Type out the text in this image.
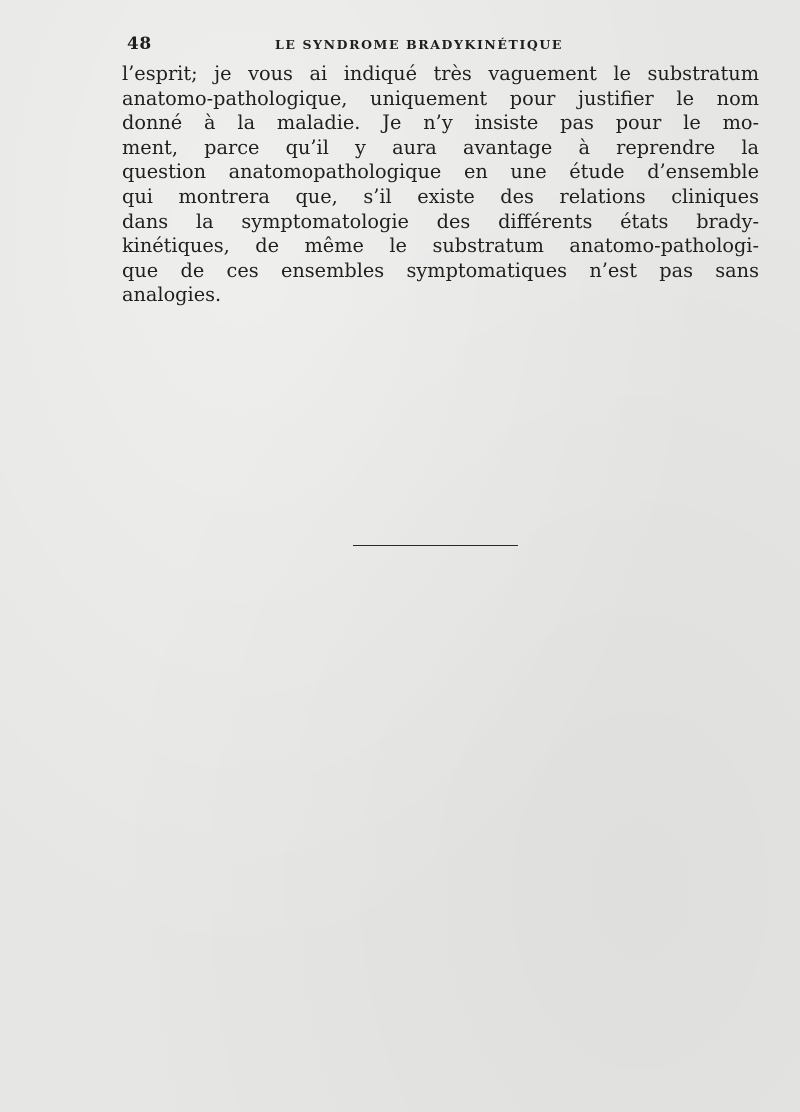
48	LE SYNDROME BRADYKINÉTIQUE
l’esprit; je vous ai indiqué très vaguement le substratum
anatomo-pathologique, uniquement pour justifier le nom
donné à la maladie. Je n’y insiste pas pour le mo-
ment, parce qu’il y aura avantage à reprendre la
question anatomopathologique en une étude d’ensemble
qui montrera que, s’il existe des relations cliniques
dans la symptomatologie des différents états brady-
kinétiques, de même le substratum anatomo-pathologi-
que de ces ensembles symptomatiques n’est pas sans
analogies.
